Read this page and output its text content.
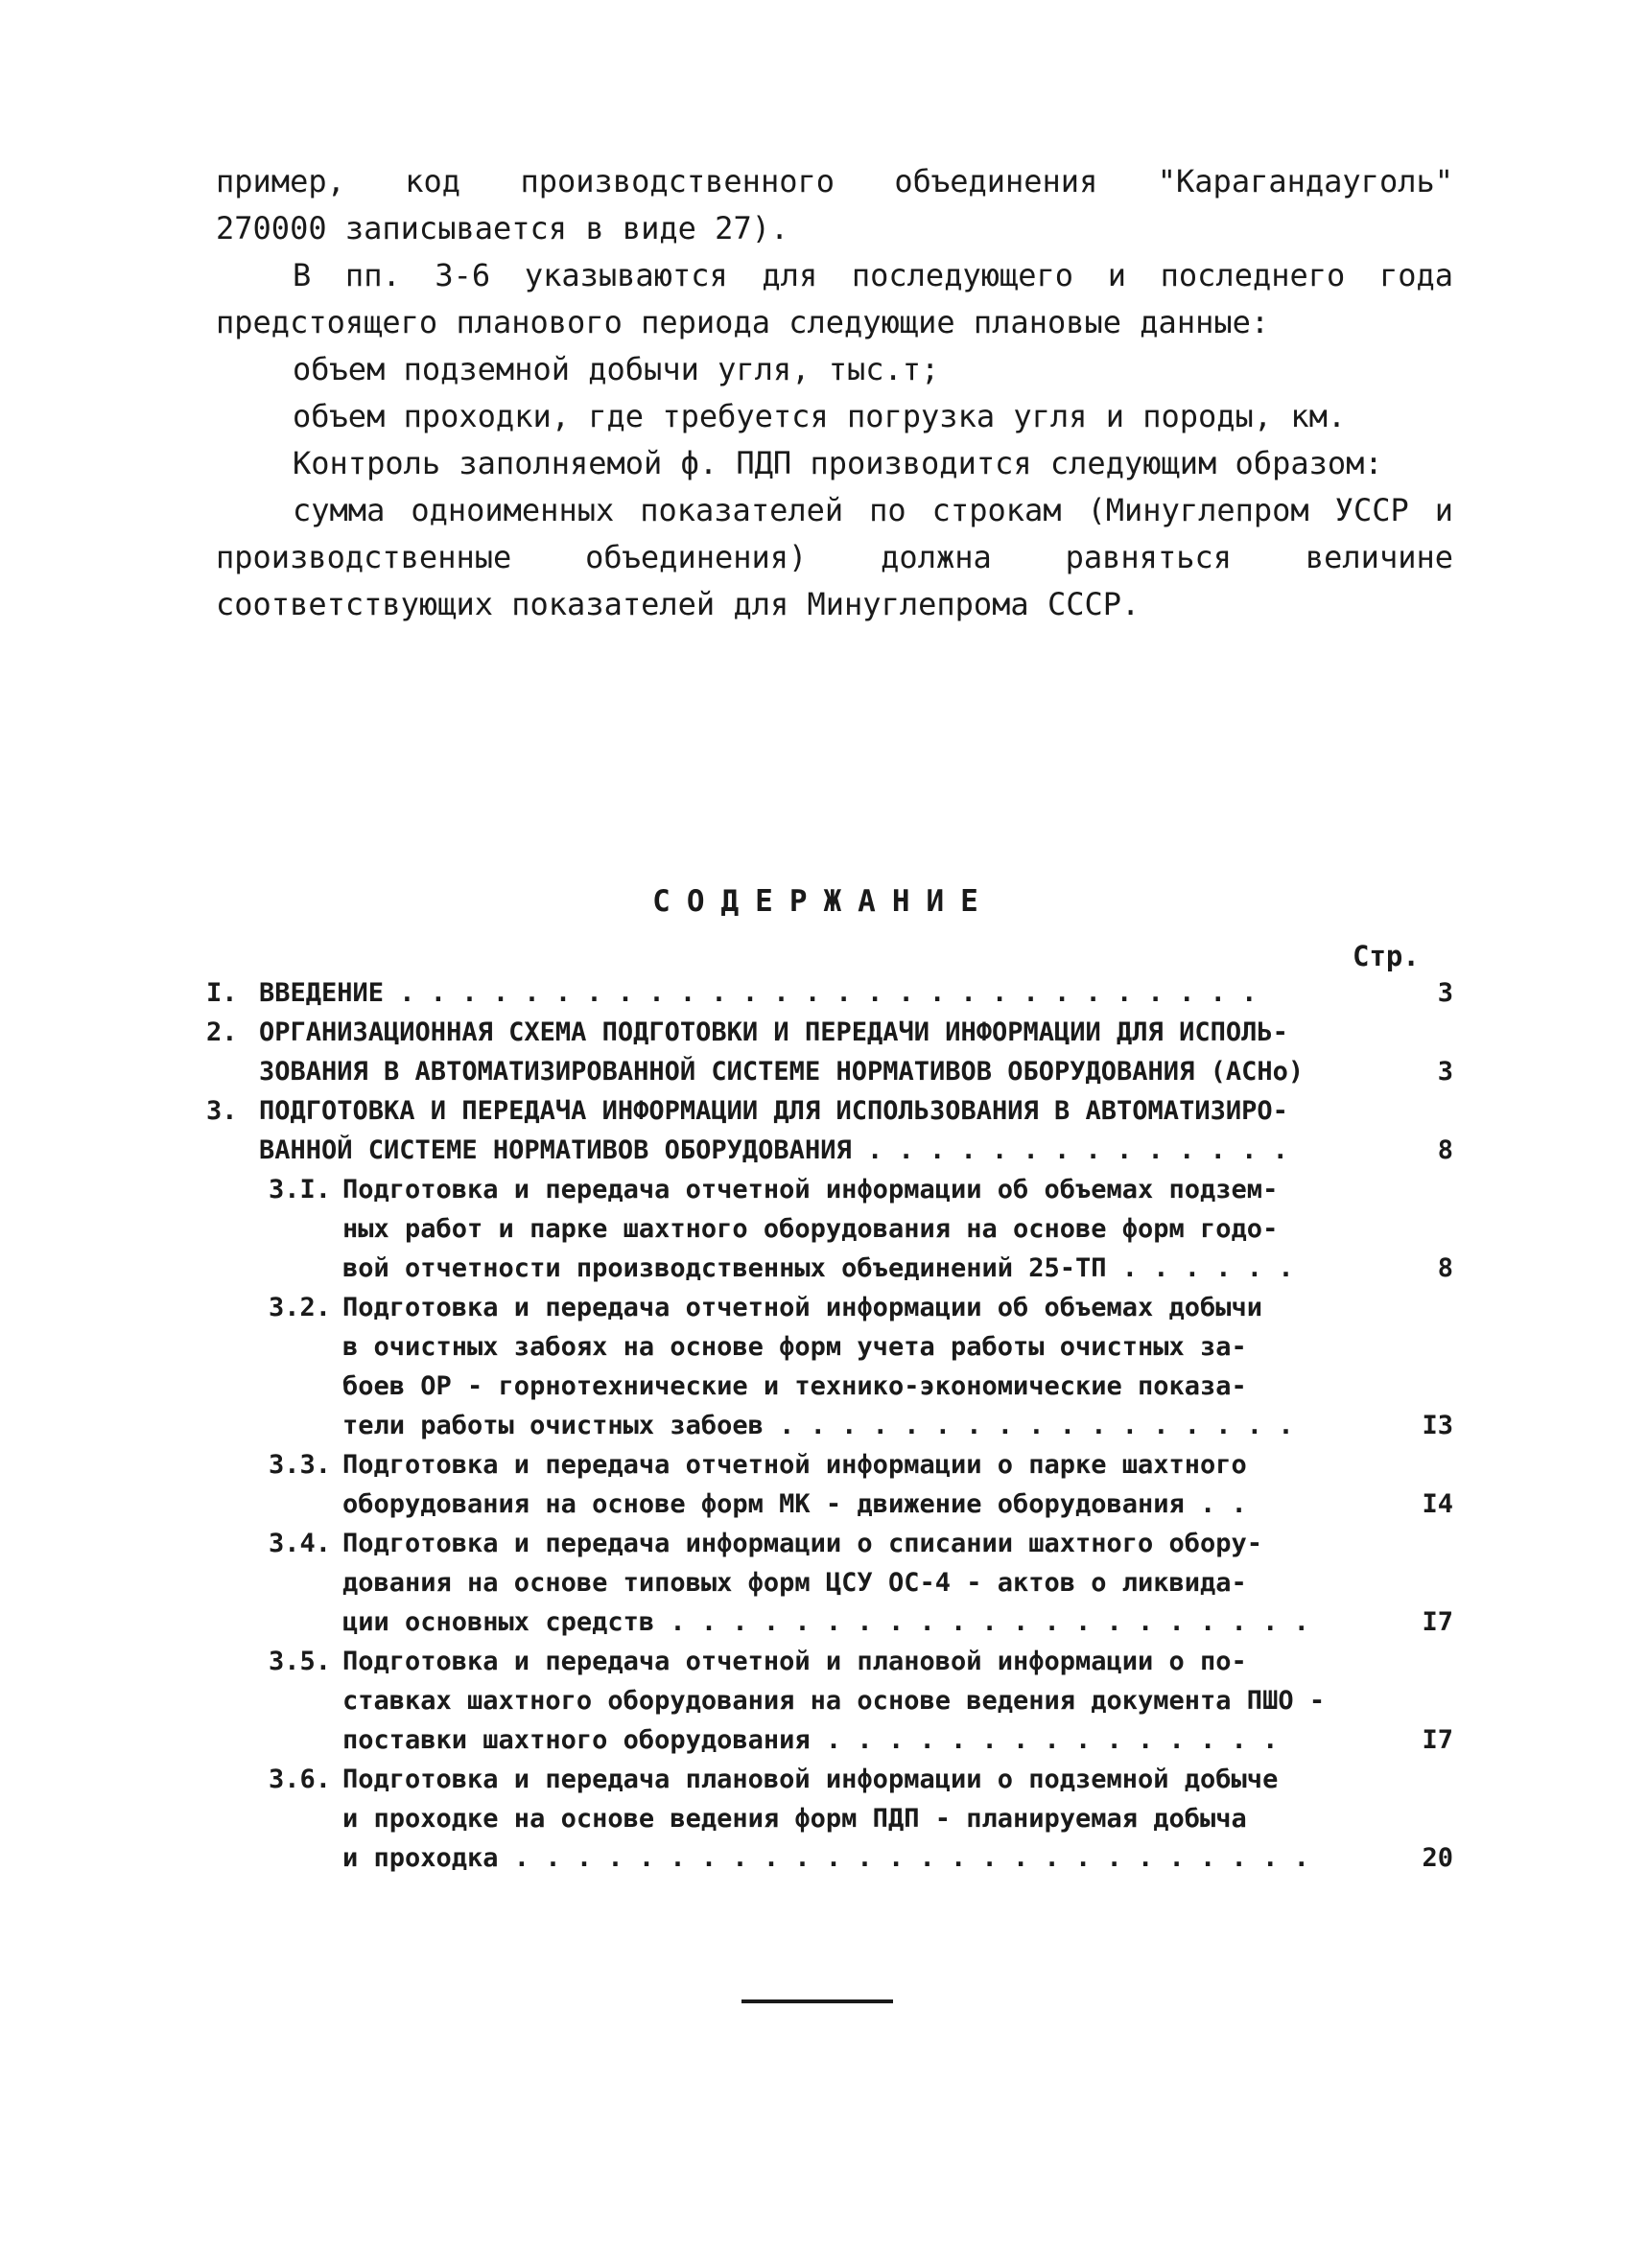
пример, код производственного объединения "Карагандауголь"

270000 записывается в виде 27).

В пп. 3-6 указываются для последующего и последнего года предстоящего планового периода следующие плановые данные:

объем подземной добычи угля, тыс.т;

объем проходки, где требуется погрузка угля и породы, км.

Контроль заполняемой ф. ПДП производится следующим образом:

сумма одноименных показателей по строкам (Минуглепром УССР и производственные объединения) должна равняться величине соответствующих показателей для Минуглепрома СССР.

СОДЕРЖАНИЕ
Стр.
I. ВВЕДЕНИЕ . . . . . . . . . . . . . . . . . . . . . . . . . . . .	3
2. ОРГАНИЗАЦИОННАЯ СХЕМА ПОДГОТОВКИ И ПЕРЕДАЧИ ИНФОРМАЦИИ ДЛЯ ИСПОЛЬ-
ЗОВАНИЯ В АВТОМАТИЗИРОВАННОЙ СИСТЕМЕ НОРМАТИВОВ ОБОРУДОВАНИЯ (АСНо)	3
3. ПОДГОТОВКА И ПЕРЕДАЧА ИНФОРМАЦИИ ДЛЯ ИСПОЛЬЗОВАНИЯ В АВТОМАТИЗИРО-
ВАННОЙ СИСТЕМЕ НОРМАТИВОВ ОБОРУДОВАНИЯ . . . . . . . . . . . . . .	8
3.I. Подготовка и передача отчетной информации об объемах подзем-
ных работ и парке шахтного оборудования на основе форм годо-
вой отчетности производственных объединений 25-ТП . . . . . .	8
3.2. Подготовка и передача отчетной информации об объемах добычи
в очистных забоях на основе форм учета работы очистных за-
боев ОР - горнотехнические и технико-экономические показа-
тели работы очистных забоев . . . . . . . . . . . . . . . . .	I3
3.3. Подготовка и передача отчетной информации о парке шахтного
оборудования на основе форм МК - движение оборудования . .	I4
3.4. Подготовка и передача информации о списании шахтного обору-
дования на основе типовых форм ЦСУ ОС-4 - актов о ликвида-
ции основных средств . . . . . . . . . . . . . . . . . . . . .	I7
3.5. Подготовка и передача отчетной и плановой информации о по-
ставках шахтного оборудования на основе ведения документа ПШО -
поставки шахтного оборудования . . . . . . . . . . . . . . .	I7
3.6. Подготовка и передача плановой информации о подземной добыче
и проходке на основе ведения форм ПДП - планируемая добыча
и проходка . . . . . . . . . . . . . . . . . . . . . . . . . .	20
